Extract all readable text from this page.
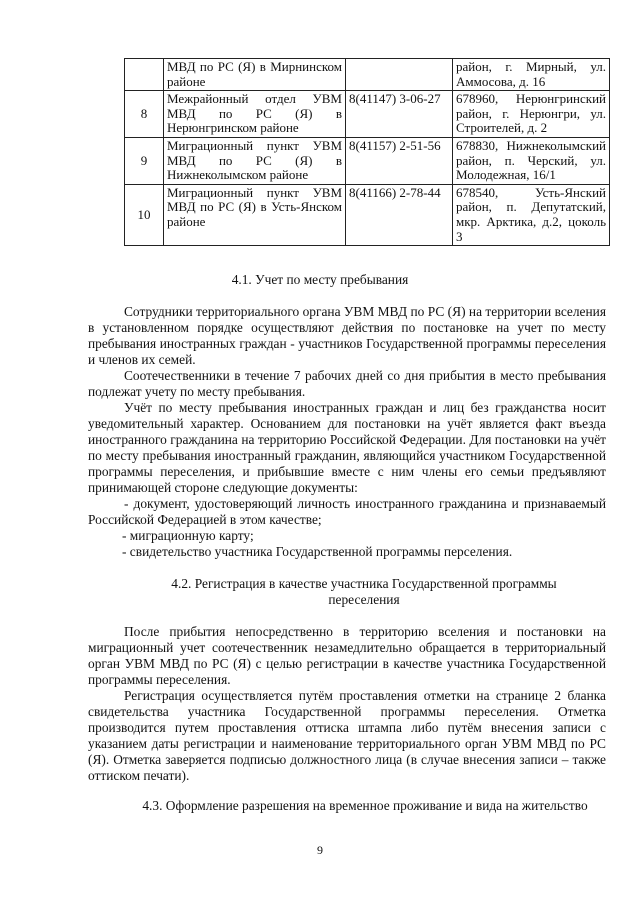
	МВД по РС (Я) в Мирнинском районе		район, г. Мирный, ул. Аммосова, д. 16
8	Межрайонный отдел УВМ МВД по РС (Я) в Нерюнгринском районе	8(41147) 3-06-27	678960, Нерюнгринский район, г. Нерюнгри, ул. Строителей, д. 2
9	Миграционный пункт УВМ МВД по РС (Я) в Нижнеколымском районе	8(41157) 2-51-56	678830, Нижнеколымский район, п. Черский, ул. Молодежная, 16/1
10	Миграционный пункт УВМ МВД по РС (Я) в Усть-Янском районе	8(41166) 2-78-44	678540, Усть-Янский район, п. Депутатский, мкр. Арктика, д.2, цоколь 3
4.1. Учет по месту пребывания

Сотрудники территориального органа УВМ МВД по РС (Я) на территории вселения в установленном порядке осуществляют действия по постановке на учет по месту пребывания иностранных граждан - участников Государственной программы переселения и членов их семей.

Соотечественники в течение 7 рабочих дней со дня прибытия в место пребывания подлежат учету по месту пребывания.

Учёт по месту пребывания иностранных граждан и лиц без гражданства носит уведомительный характер. Основанием для постановки на учёт является факт въезда иностранного гражданина на территорию Российской Федерации. Для постановки на учёт по месту пребывания иностранный гражданин, являющийся участником Государственной программы переселения, и прибывшие вместе с ним члены его семьи предъявляют принимающей стороне следующие документы:

- документ, удостоверяющий личность иностранного гражданина и признаваемый Российской Федерацией в этом качестве;

- миграционную карту;

- свидетельство участника Государственной программы перселения.

4.2. Регистрация в качестве участника Государственной программы
переселения

После прибытия непосредственно в территорию вселения и постановки на миграционный учет соотечественник незамедлительно обращается в территориальный орган УВМ МВД по РС (Я) с целью регистрации в качестве участника Государственной программы переселения.

Регистрация осуществляется путём проставления отметки на странице 2 бланка свидетельства участника Государственной программы переселения. Отметка производится путем проставления оттиска штампа либо путём внесения записи с указанием даты регистрации и наименование территориального орган УВМ МВД по РС (Я). Отметка заверяется подписью должностного лица (в случае внесения записи – также оттиском печати).

4.3. Оформление разрешения на временное проживание и вида на жительство
9
